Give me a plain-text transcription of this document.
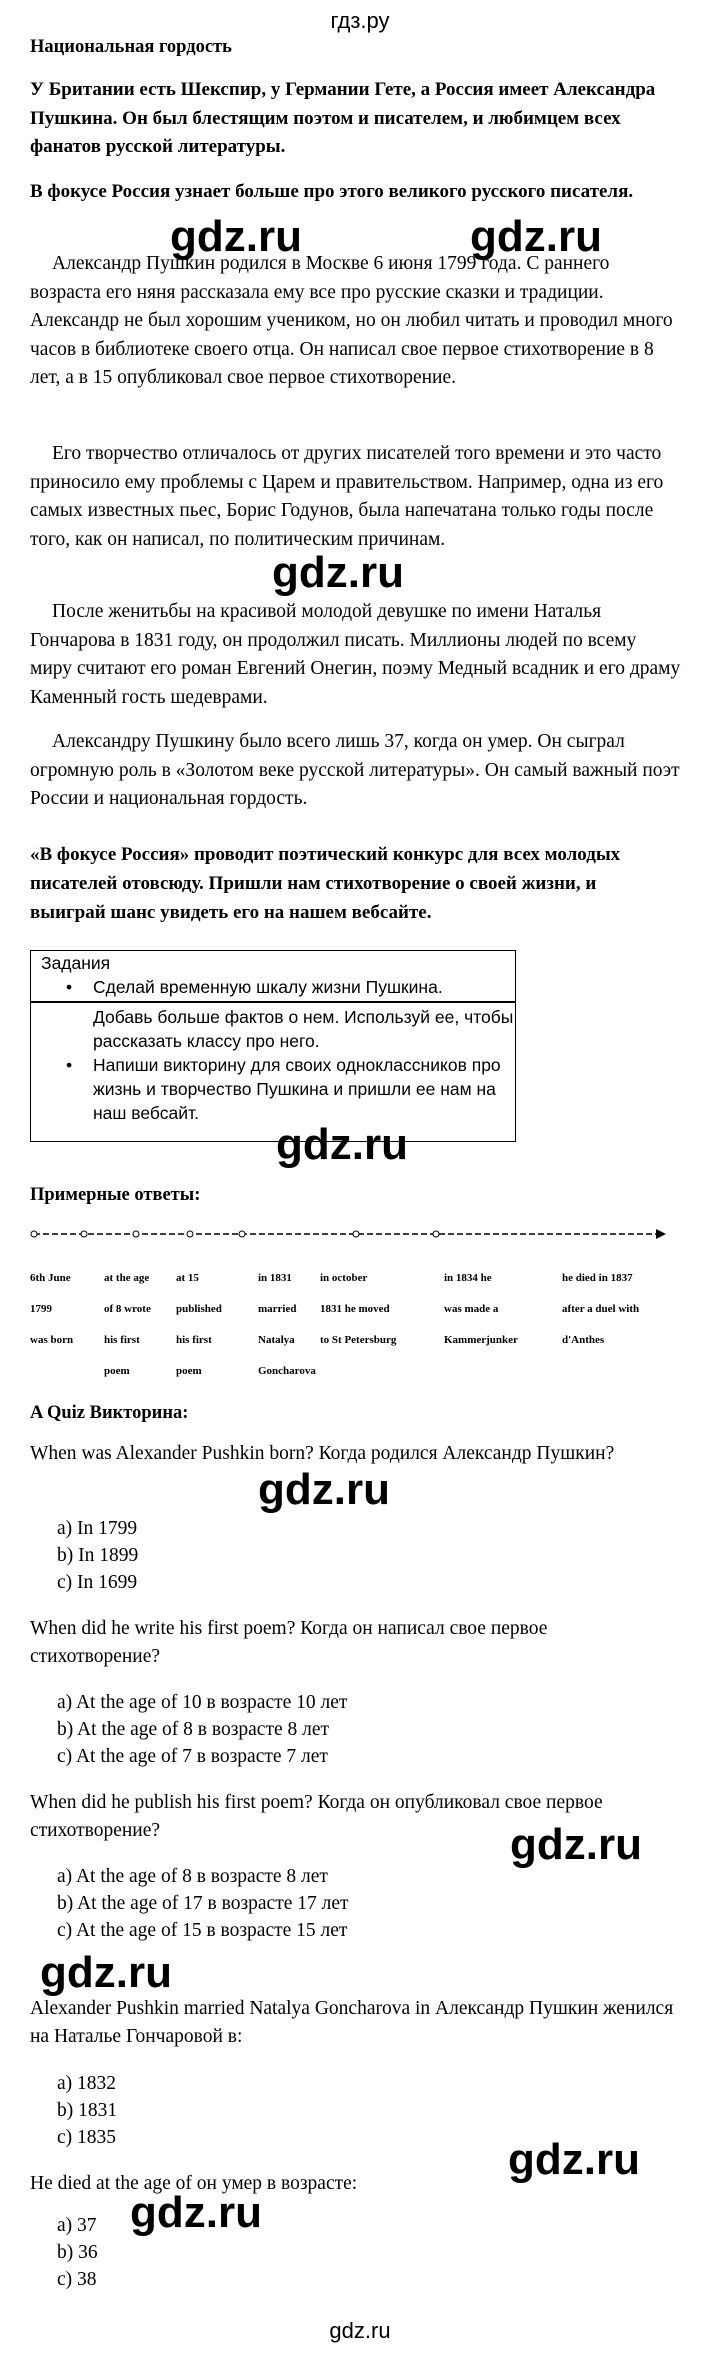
гдз.ру
Национальная гордость
У Британии есть Шекспир, у Германии Гете, а Россия имеет Александра Пушкина. Он был блестящим поэтом и писателем, и любимцем всех фанатов русской литературы.
В фокусе Россия узнает больше про этого великого русского писателя.
Александр Пушкин родился в Москве 6 июня 1799 года. С раннего возраста его няня рассказала ему все про русские сказки и традиции. Александр не был хорошим учеником, но он любил читать и проводил много часов в библиотеке своего отца. Он написал свое первое стихотворение в 8 лет, а в 15 опубликовал свое первое стихотворение.
Его творчество отличалось от других писателей того времени и это часто приносило ему проблемы с Царем и правительством. Например, одна из его самых известных пьес, Борис Годунов, была напечатана только годы после того, как он написал, по политическим причинам.
После женитьбы на красивой молодой девушке по имени Наталья Гончарова в 1831 году, он продолжил писать. Миллионы людей по всему миру считают его роман Евгений Онегин, поэму Медный всадник и его драму Каменный гость шедеврами.
Александру Пушкину было всего лишь 37, когда он умер. Он сыграл огромную роль в «Золотом веке русской литературы». Он самый важный поэт России и национальная гордость.
«В фокусе Россия» проводит поэтический конкурс для всех молодых писателей отовсюду. Пришли нам стихотворение о своей жизни, и выиграй шанс увидеть его на нашем вебсайте.
Задания
• Сделай временную шкалу жизни Пушкина.
Добавь больше фактов о нем. Используй ее, чтобы рассказать классу про него.
• Напиши викторину для своих одноклассников про жизнь и творчество Пушкина и пришли ее нам на наш вебсайт.
Примерные ответы:
6th June
1799
was born
at the age
of 8 wrote
his first
poem
at 15
published
his first
poem
in 1831
married
Natalya
Goncharova
in october
1831 he moved
to St Petersburg
in 1834 he
was made a
Kammerjunker
he died in 1837
after a duel with
d'Anthes
A Quiz Викторина:
When was Alexander Pushkin born? Когда родился Александр Пушкин?
a) In 1799
b) In 1899
c) In 1699
When did he write his first poem? Когда он написал свое первое стихотворение?
a) At the age of 10 в возрасте 10 лет
b) At the age of 8 в возрасте 8 лет
c) At the age of 7 в возрасте 7 лет
When did he publish his first poem? Когда он опубликовал свое первое стихотворение?
a) At the age of 8 в возрасте 8 лет
b) At the age of 17 в возрасте 17 лет
c) At the age of 15 в возрасте 15 лет
Alexander Pushkin married Natalya Goncharova in Александр Пушкин женился на Наталье Гончаровой в:
a) 1832
b) 1831
c) 1835
He died at the age of он умер в возрасте:
a) 37
b) 36
c) 38
gdz.ru	gdz.ru
gdz.ru
gdz.ru
gdz.ru
gdz.ru
gdz.ru
gdz.ru
gdz.ru
gdz.ru
